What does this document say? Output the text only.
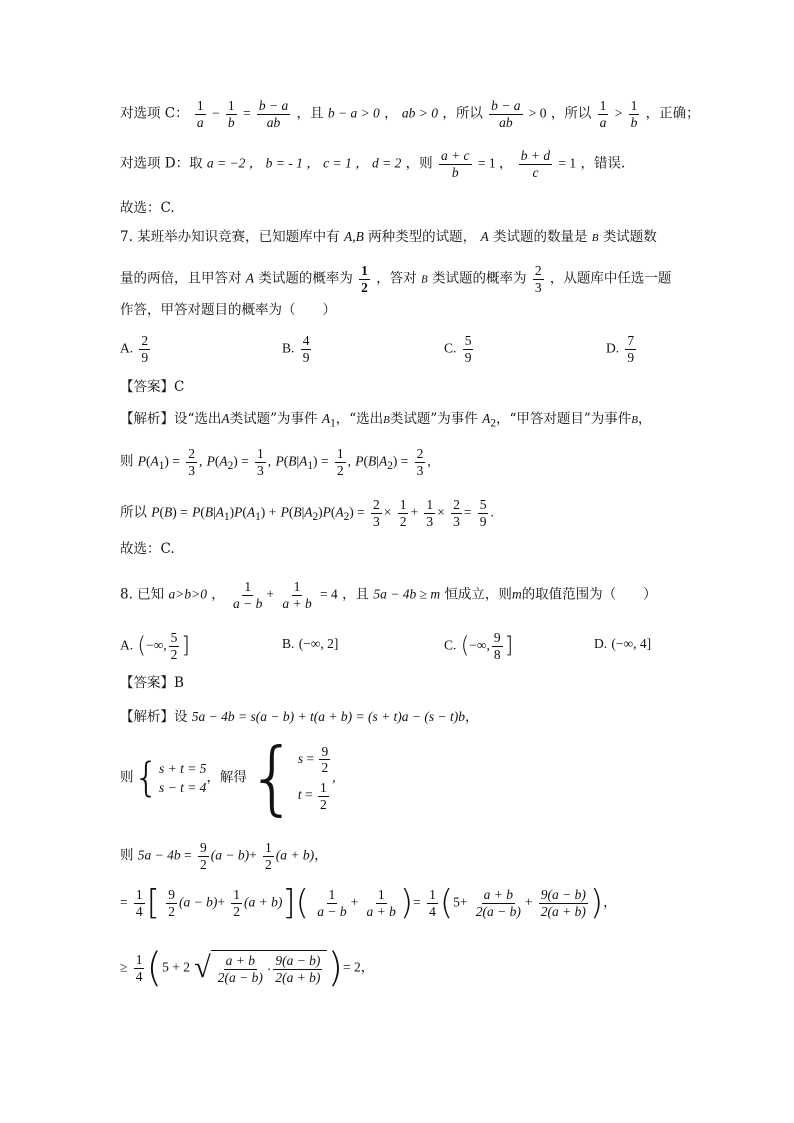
对选项 C： $\frac{1}{a} - \frac{1}{b} = \frac{b - a}{ab}$ ，且 b − a > 0 ， ab > 0 ，所以 $\frac{b - a}{ab} > 0$ ，所以 $\frac{1}{a} > \frac{1}{b}$ ，正确；
对选项 D：取 a = −2 ， b = - 1 ， c = 1 ， d = 2 ，则 $\frac{a + c}{b} = 1$ ， $\frac{b + d}{c} = 1$ ，错误.
故选：C.
7. 某班举办知识竞赛，已知题库中有 A,B 两种类型的试题， A 类试题的数量是 B 类试题数
量的两倍，且甲答对 A 类试题的概率为 $\frac{1}{2}$ ，答对 B 类试题的概率为 $\frac{2}{3}$ ，从题库中任选一题
作答，甲答对题目的概率为（　　）
A. $\frac{2}{9}$	B. $\frac{4}{9}$	C. $\frac{5}{9}$	D. $\frac{7}{9}$
【答案】C
【解析】设“选出A类试题”为事件 $A_1$，“选出B类试题”为事件 $A_2$，“甲答对题目”为事件B，
则 $P(A_1) = \frac{2}{3}$ , $P(A_2) = \frac{1}{3}$ , $P(B|A_1) = \frac{1}{2}$ , $P(B|A_2) = \frac{2}{3}$ ,
所以 $P(B) = P(B|A_1)P(A_1) + P(B|A_2)P(A_2) = \frac{2}{3} \times \frac{1}{2} + \frac{1}{3} \times \frac{2}{3} = \frac{5}{9}$ .
故选：C.
8. 已知 a>b>0 ， $\frac{1}{a - b} + \frac{1}{a + b} = 4$ ，且 5a − 4b ≥ m 恒成立，则m的取值范围为（　　）
A. (−∞, $\frac{5}{2}$ ]	B. (−∞, 2]	C. (−∞, $\frac{9}{8}$ ]	D. (−∞, 4]
【答案】B
【解析】设 5a − 4b = s(a − b) + t(a + b) = (s + t)a − (s − t)b，
则{ s + t = 5
s − t = 4
，解得{ $s = \frac{9}{2}$
$t = \frac{1}{2}$
,
则 $5a - 4b = \frac{9}{2} (a - b)+ \frac{1}{2} (a + b)$，
= $\frac{1}{4}$ [ $\frac{9}{2} (a - b)+ \frac{1}{2} (a + b)]( \frac{1}{a - b} + \frac{1}{a + b}$ )= $\frac{1}{4} (5+ \frac{a + b}{2(a - b)} + \frac{9(a - b)}{2(a + b)}$ )，
≥ $\frac{1}{4} (5 + 2$ √ $\frac{a + b}{2(a - b)} \cdot \frac{9(a - b)}{2(a + b)}$ )= 2，
